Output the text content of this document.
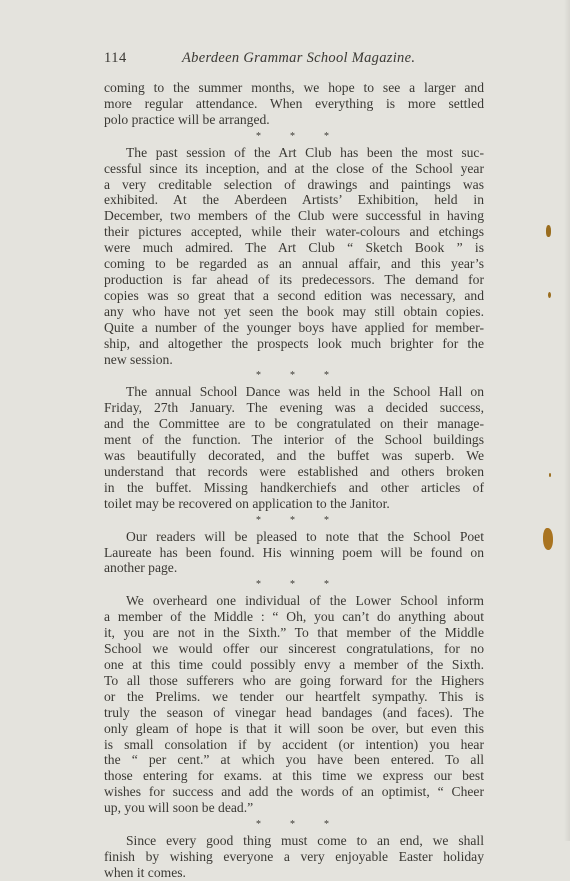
114	Aberdeen Grammar School Magazine.

coming to the summer months, we hope to see a larger and
more regular attendance. When everything is more settled
polo practice will be arranged.

*	*	*

The past session of the Art Club has been the most suc-
cessful since its inception, and at the close of the School year
a very creditable selection of drawings and paintings was
exhibited. At the Aberdeen Artists’ Exhibition, held in
December, two members of the Club were successful in having
their pictures accepted, while their water-colours and etchings
were much admired. The Art Club “ Sketch Book ” is
coming to be regarded as an annual affair, and this year’s
production is far ahead of its predecessors. The demand for
copies was so great that a second edition was necessary, and
any who have not yet seen the book may still obtain copies.
Quite a number of the younger boys have applied for member-
ship, and altogether the prospects look much brighter for the
new session.

*	*	*

The annual School Dance was held in the School Hall on
Friday, 27th January. The evening was a decided success,
and the Committee are to be congratulated on their manage-
ment of the function. The interior of the School buildings
was beautifully decorated, and the buffet was superb. We
understand that records were established and others broken
in the buffet. Missing handkerchiefs and other articles of
toilet may be recovered on application to the Janitor.

*	*	*

Our readers will be pleased to note that the School Poet
Laureate has been found. His winning poem will be found on
another page.

*	*	*

We overheard one individual of the Lower School inform
a member of the Middle : “ Oh, you can’t do anything about
it, you are not in the Sixth.” To that member of the Middle
School we would offer our sincerest congratulations, for no
one at this time could possibly envy a member of the Sixth.
To all those sufferers who are going forward for the Highers
or the Prelims. we tender our heartfelt sympathy. This is
truly the season of vinegar head bandages (and faces). The
only gleam of hope is that it will soon be over, but even this
is small consolation if by accident (or intention) you hear
the “ per cent.” at which you have been entered. To all
those entering for exams. at this time we express our best
wishes for success and add the words of an optimist, “ Cheer
up, you will soon be dead.”

*	*	*

Since every good thing must come to an end, we shall
finish by wishing everyone a very enjoyable Easter holiday
when it comes.
